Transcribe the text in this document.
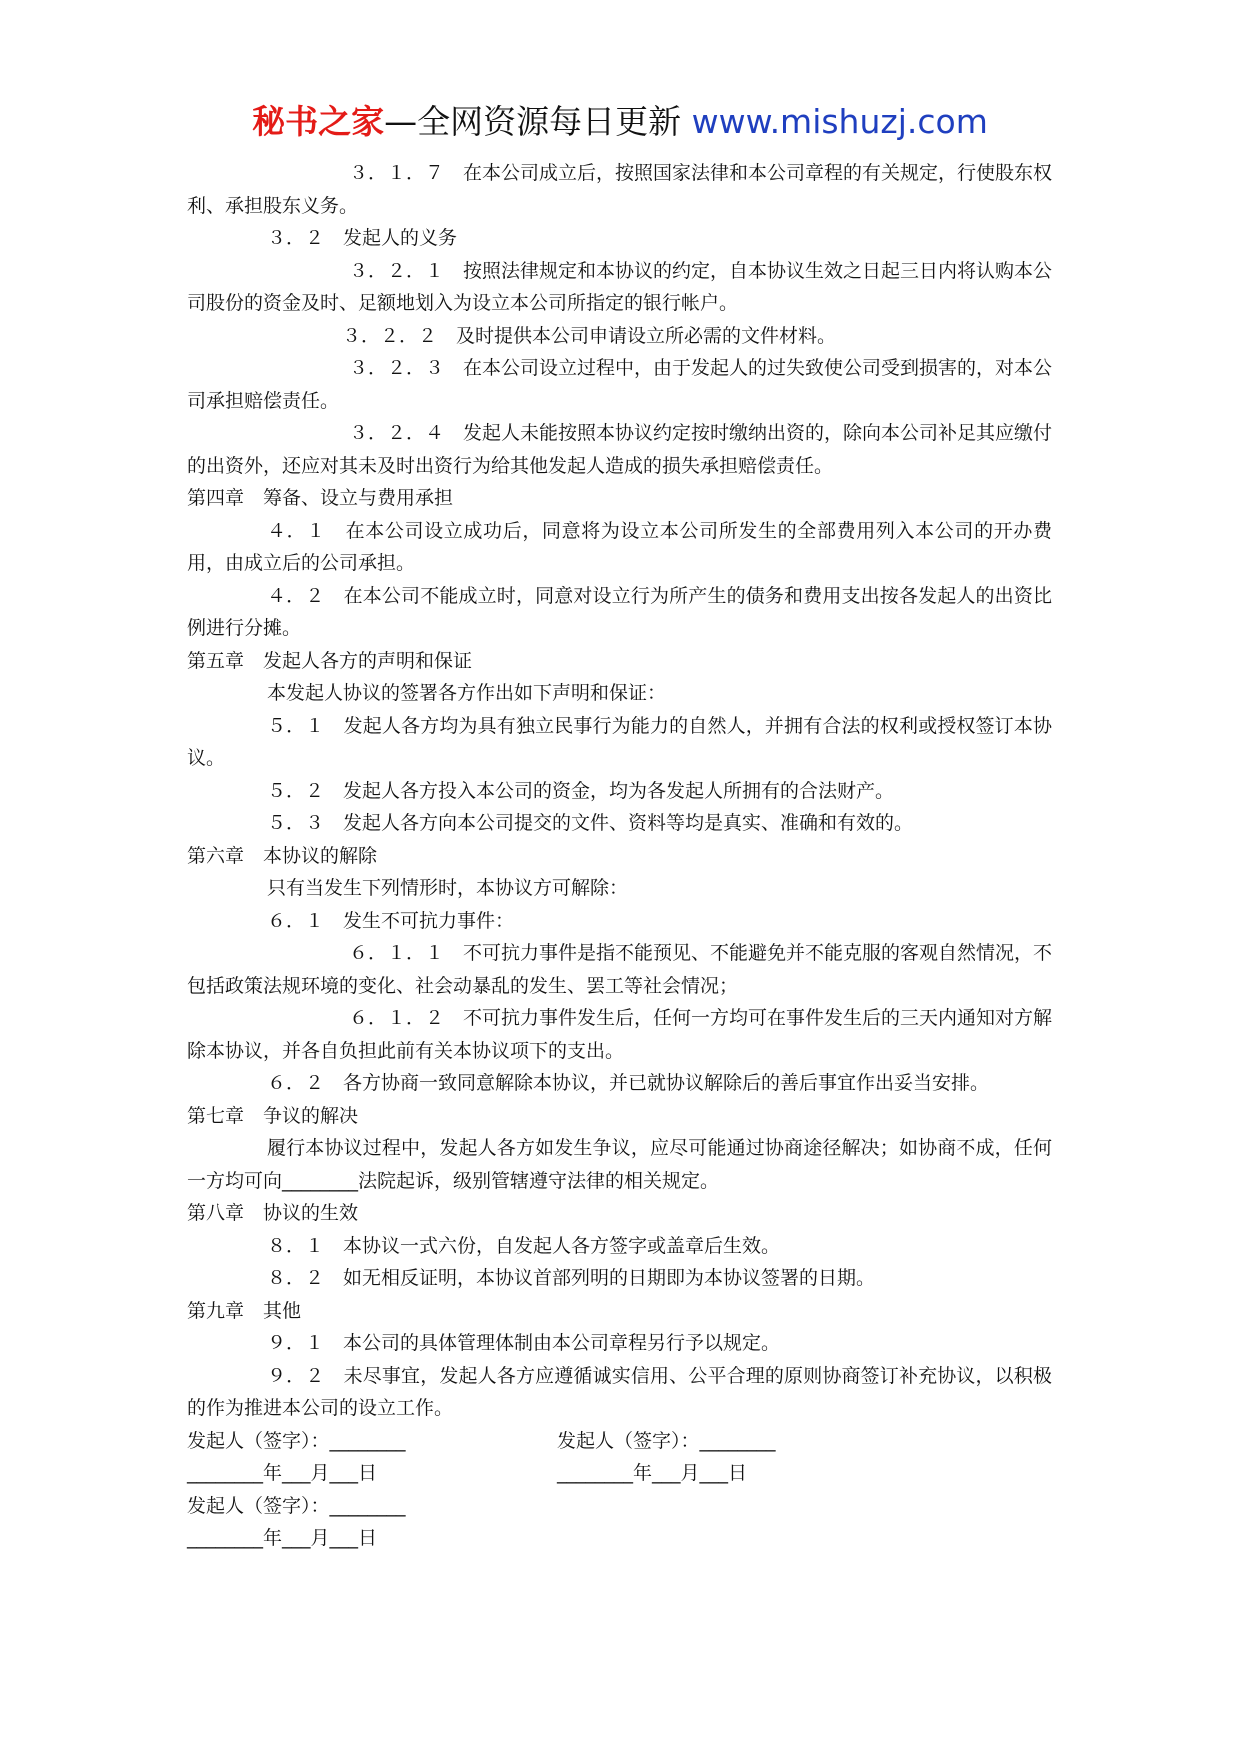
秘书之家—全网资源每日更新 www.mishuzj.com

３．１．７　在本公司成立后，按照国家法律和本公司章程的有关规定，行使股东权利、承担股东义务。

３．２　发起人的义务

３．２．１　按照法律规定和本协议的约定，自本协议生效之日起三日内将认购本公司股份的资金及时、足额地划入为设立本公司所指定的银行帐户。

３．２．２　及时提供本公司申请设立所必需的文件材料。

３．２．３　在本公司设立过程中，由于发起人的过失致使公司受到损害的，对本公司承担赔偿责任。

３．２．４　发起人未能按照本协议约定按时缴纳出资的，除向本公司补足其应缴付的出资外，还应对其未及时出资行为给其他发起人造成的损失承担赔偿责任。

第四章　筹备、设立与费用承担

４．１　在本公司设立成功后，同意将为设立本公司所发生的全部费用列入本公司的开办费用，由成立后的公司承担。

４．２　在本公司不能成立时，同意对设立行为所产生的债务和费用支出按各发起人的出资比例进行分摊。

第五章　发起人各方的声明和保证

本发起人协议的签署各方作出如下声明和保证：

５．１　发起人各方均为具有独立民事行为能力的自然人，并拥有合法的权利或授权签订本协议。

５．２　发起人各方投入本公司的资金，均为各发起人所拥有的合法财产。

５．３　发起人各方向本公司提交的文件、资料等均是真实、准确和有效的。

第六章　本协议的解除

只有当发生下列情形时，本协议方可解除：

６．１　发生不可抗力事件：

６．１．１　不可抗力事件是指不能预见、不能避免并不能克服的客观自然情况，不包括政策法规环境的变化、社会动暴乱的发生、罢工等社会情况；

６．１．２　不可抗力事件发生后，任何一方均可在事件发生后的三天内通知对方解除本协议，并各自负担此前有关本协议项下的支出。

６．２　各方协商一致同意解除本协议，并已就协议解除后的善后事宜作出妥当安排。

第七章　争议的解决

履行本协议过程中，发起人各方如发生争议，应尽可能通过协商途径解决；如协商不成，任何一方均可向________法院起诉，级别管辖遵守法律的相关规定。

第八章　协议的生效

８．１　本协议一式六份，自发起人各方签字或盖章后生效。

８．２　如无相反证明，本协议首部列明的日期即为本协议签署的日期。

第九章　其他

９．１　本公司的具体管理体制由本公司章程另行予以规定。

９．２　未尽事宜，发起人各方应遵循诚实信用、公平合理的原则协商签订补充协议，以积极的作为推进本公司的设立工作。

发起人（签字）：________	发起人（签字）：________
________年___月___日	________年___月___日
发起人（签字）：________
________年___月___日
